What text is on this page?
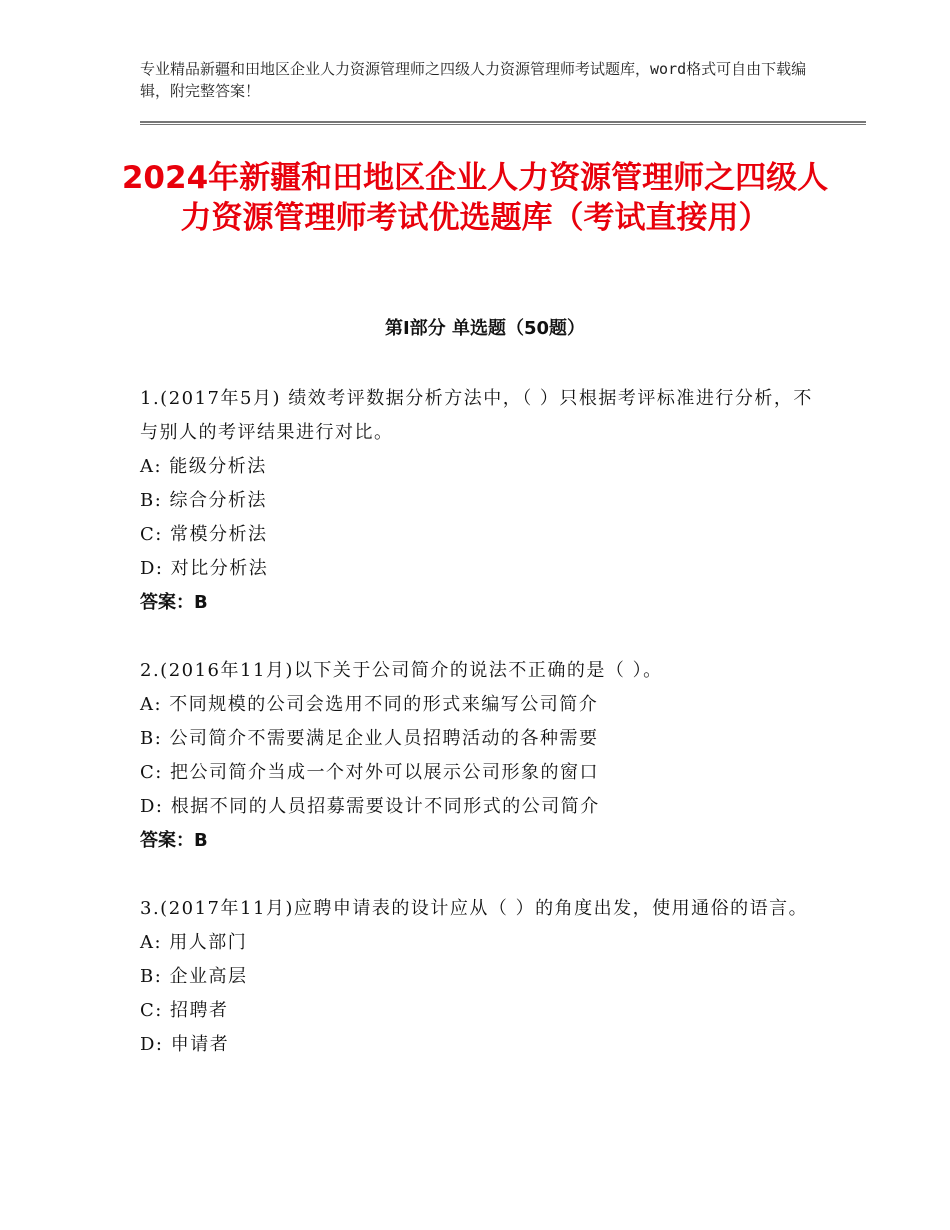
专业精品新疆和田地区企业人力资源管理师之四级人力资源管理师考试题库，word格式可自由下载编辑，附完整答案！
2024年新疆和田地区企业人力资源管理师之四级人力资源管理师考试优选题库（考试直接用）
第Ⅰ部分 单选题（50题）

1.(2017年5月) 绩效考评数据分析方法中，（ ）只根据考评标准进行分析，不与别人的考评结果进行对比。

A: 能级分析法

B: 综合分析法

C: 常模分析法

D: 对比分析法

答案：B

2.(2016年11月)以下关于公司简介的说法不正确的是（ ）。

A: 不同规模的公司会选用不同的形式来编写公司简介

B: 公司简介不需要满足企业人员招聘活动的各种需要

C: 把公司简介当成一个对外可以展示公司形象的窗口

D: 根据不同的人员招募需要设计不同形式的公司简介

答案：B

3.(2017年11月)应聘申请表的设计应从（ ）的角度出发，使用通俗的语言。

A: 用人部门

B: 企业高层

C: 招聘者

D: 申请者
